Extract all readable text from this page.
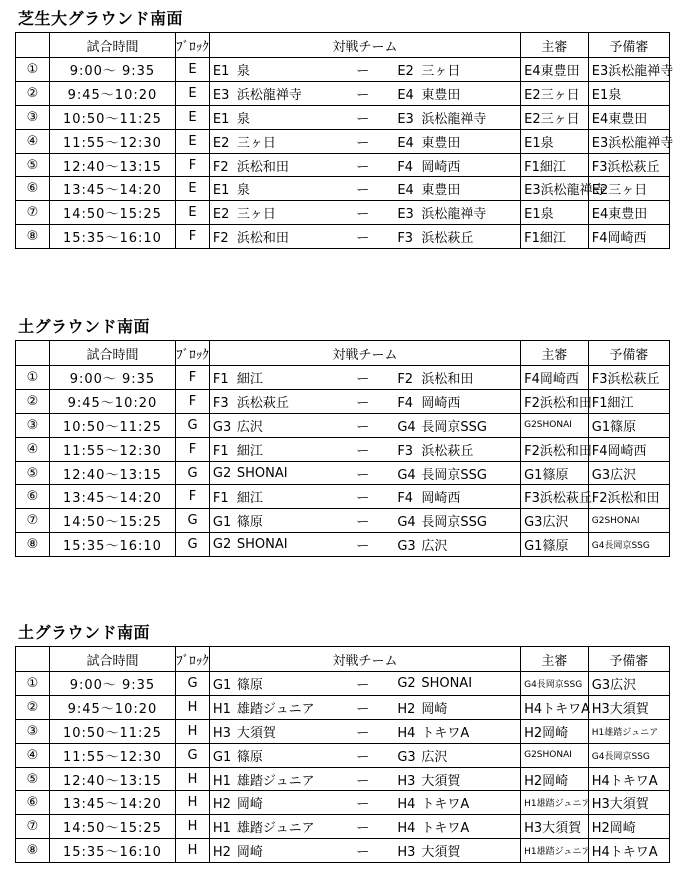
芝生大グラウンド南面
	試合時間	ﾌﾞﾛｯｸ	対戦チーム			主審	予備審
①	9:00～ 9:35	E	E1 泉	ー	E2 三ヶ日	E4東豊田	E3浜松龍禅寺
②	9:45～10:20	E	E3 浜松龍禅寺	ー	E4 東豊田	E2三ヶ日	E1泉
③	10:50～11:25	E	E1 泉	ー	E3 浜松龍禅寺	E2三ヶ日	E4東豊田
④	11:55～12:30	E	E2 三ヶ日	ー	E4 東豊田	E1泉	E3浜松龍禅寺
⑤	12:40～13:15	F	F2 浜松和田	ー	F4 岡崎西	F1細江	F3浜松萩丘
⑥	13:45～14:20	E	E1 泉	ー	E4 東豊田	E3浜松龍禅寺	E2三ヶ日
⑦	14:50～15:25	E	E2 三ヶ日	ー	E3 浜松龍禅寺	E1泉	E4東豊田
⑧	15:35～16:10	F	F2 浜松和田	ー	F3 浜松萩丘	F1細江	F4岡崎西
土グラウンド南面
	試合時間	ﾌﾞﾛｯｸ	対戦チーム			主審	予備審
①	9:00～ 9:35	F	F1 細江	ー	F2 浜松和田	F4岡崎西	F3浜松萩丘
②	9:45～10:20	F	F3 浜松萩丘	ー	F4 岡崎西	F2浜松和田	F1細江
③	10:50～11:25	G	G3 広沢	ー	G4 長岡京SSG	G2SHONAI	G1篠原
④	11:55～12:30	F	F1 細江	ー	F3 浜松萩丘	F2浜松和田	F4岡崎西
⑤	12:40～13:15	G	G2 SHONAI	ー	G4 長岡京SSG	G1篠原	G3広沢
⑥	13:45～14:20	F	F1 細江	ー	F4 岡崎西	F3浜松萩丘	F2浜松和田
⑦	14:50～15:25	G	G1 篠原	ー	G4 長岡京SSG	G3広沢	G2SHONAI
⑧	15:35～16:10	G	G2 SHONAI	ー	G3 広沢	G1篠原	G4長岡京SSG
土グラウンド南面
	試合時間	ﾌﾞﾛｯｸ	対戦チーム			主審	予備審
①	9:00～ 9:35	G	G1 篠原	ー	G2 SHONAI	G4長岡京SSG	G3広沢
②	9:45～10:20	H	H1 雄踏ジュニア	ー	H2 岡崎	H4トキワA	H3大須賀
③	10:50～11:25	H	H3 大須賀	ー	H4 トキワA	H2岡崎	H1雄踏ジュニア
④	11:55～12:30	G	G1 篠原	ー	G3 広沢	G2SHONAI	G4長岡京SSG
⑤	12:40～13:15	H	H1 雄踏ジュニア	ー	H3 大須賀	H2岡崎	H4トキワA
⑥	13:45～14:20	H	H2 岡崎	ー	H4 トキワA	H1雄踏ジュニア	H3大須賀
⑦	14:50～15:25	H	H1 雄踏ジュニア	ー	H4 トキワA	H3大須賀	H2岡崎
⑧	15:35～16:10	H	H2 岡崎	ー	H3 大須賀	H1雄踏ジュニア	H4トキワA
